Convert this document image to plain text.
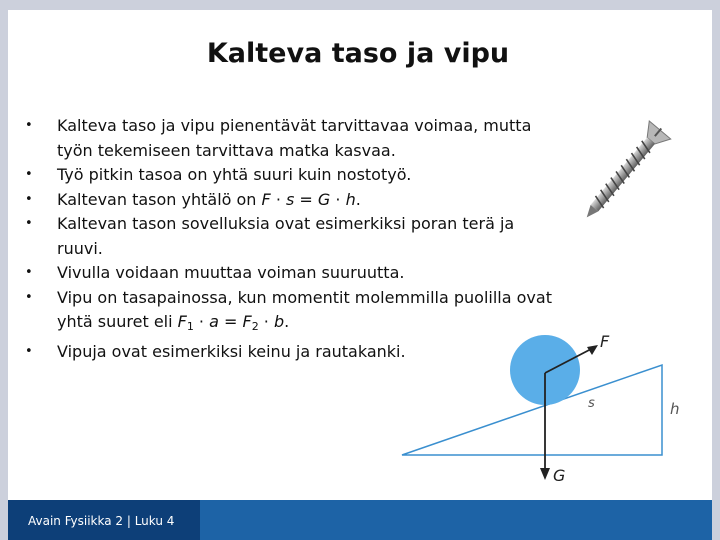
Kalteva taso ja vipu
• Kalteva taso ja vipu pienentävät tarvittavaa voimaa, mutta työn tekemiseen tarvittava matka kasvaa.
• Työ pitkin tasoa on yhtä suuri kuin nostotyö.
• Kaltevan tason yhtälö on F · s = G · h.
• Kaltevan tason sovelluksia ovat esimerkiksi poran terä ja ruuvi.
• Vivulla voidaan muuttaa voiman suuruutta.
• Vipu on tasapainossa, kun momentit molemmilla puolilla ovat yhtä suuret eli $F_1 \cdot a = F_2 \cdot b$.
• Vipuja ovat esimerkiksi keinu ja rautakanki.	F
s	h
G
Avain Fysiikka 2 | Luku 4
